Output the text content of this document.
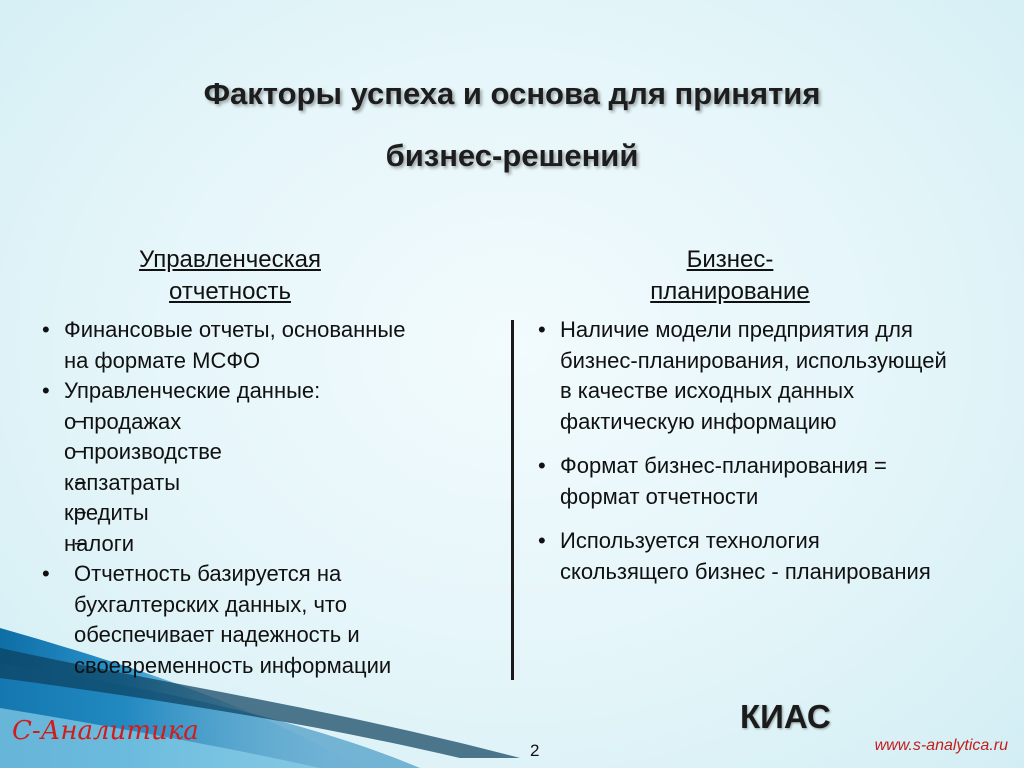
Факторы успеха и основа для принятия
бизнес-решений
Управленческая
отчетность
Бизнес-
планирование
• Финансовые отчеты, основанные
на формате МСФО
• Управленческие данные:
− о продажах
− о производстве
− капзатраты
− кредиты
− налоги
• Отчетность базируется на
бухгалтерских данных, что
обеспечивает надежность и
своевременность информации
• Наличие модели предприятия для
бизнес-планирования, использующей
в качестве исходных данных
фактическую информацию
• Формат бизнес-планирования =
формат отчетности
• Используется технология
скользящего бизнес - планирования
КИАС
С-Аналитика
2	www.s-analytica.ru
